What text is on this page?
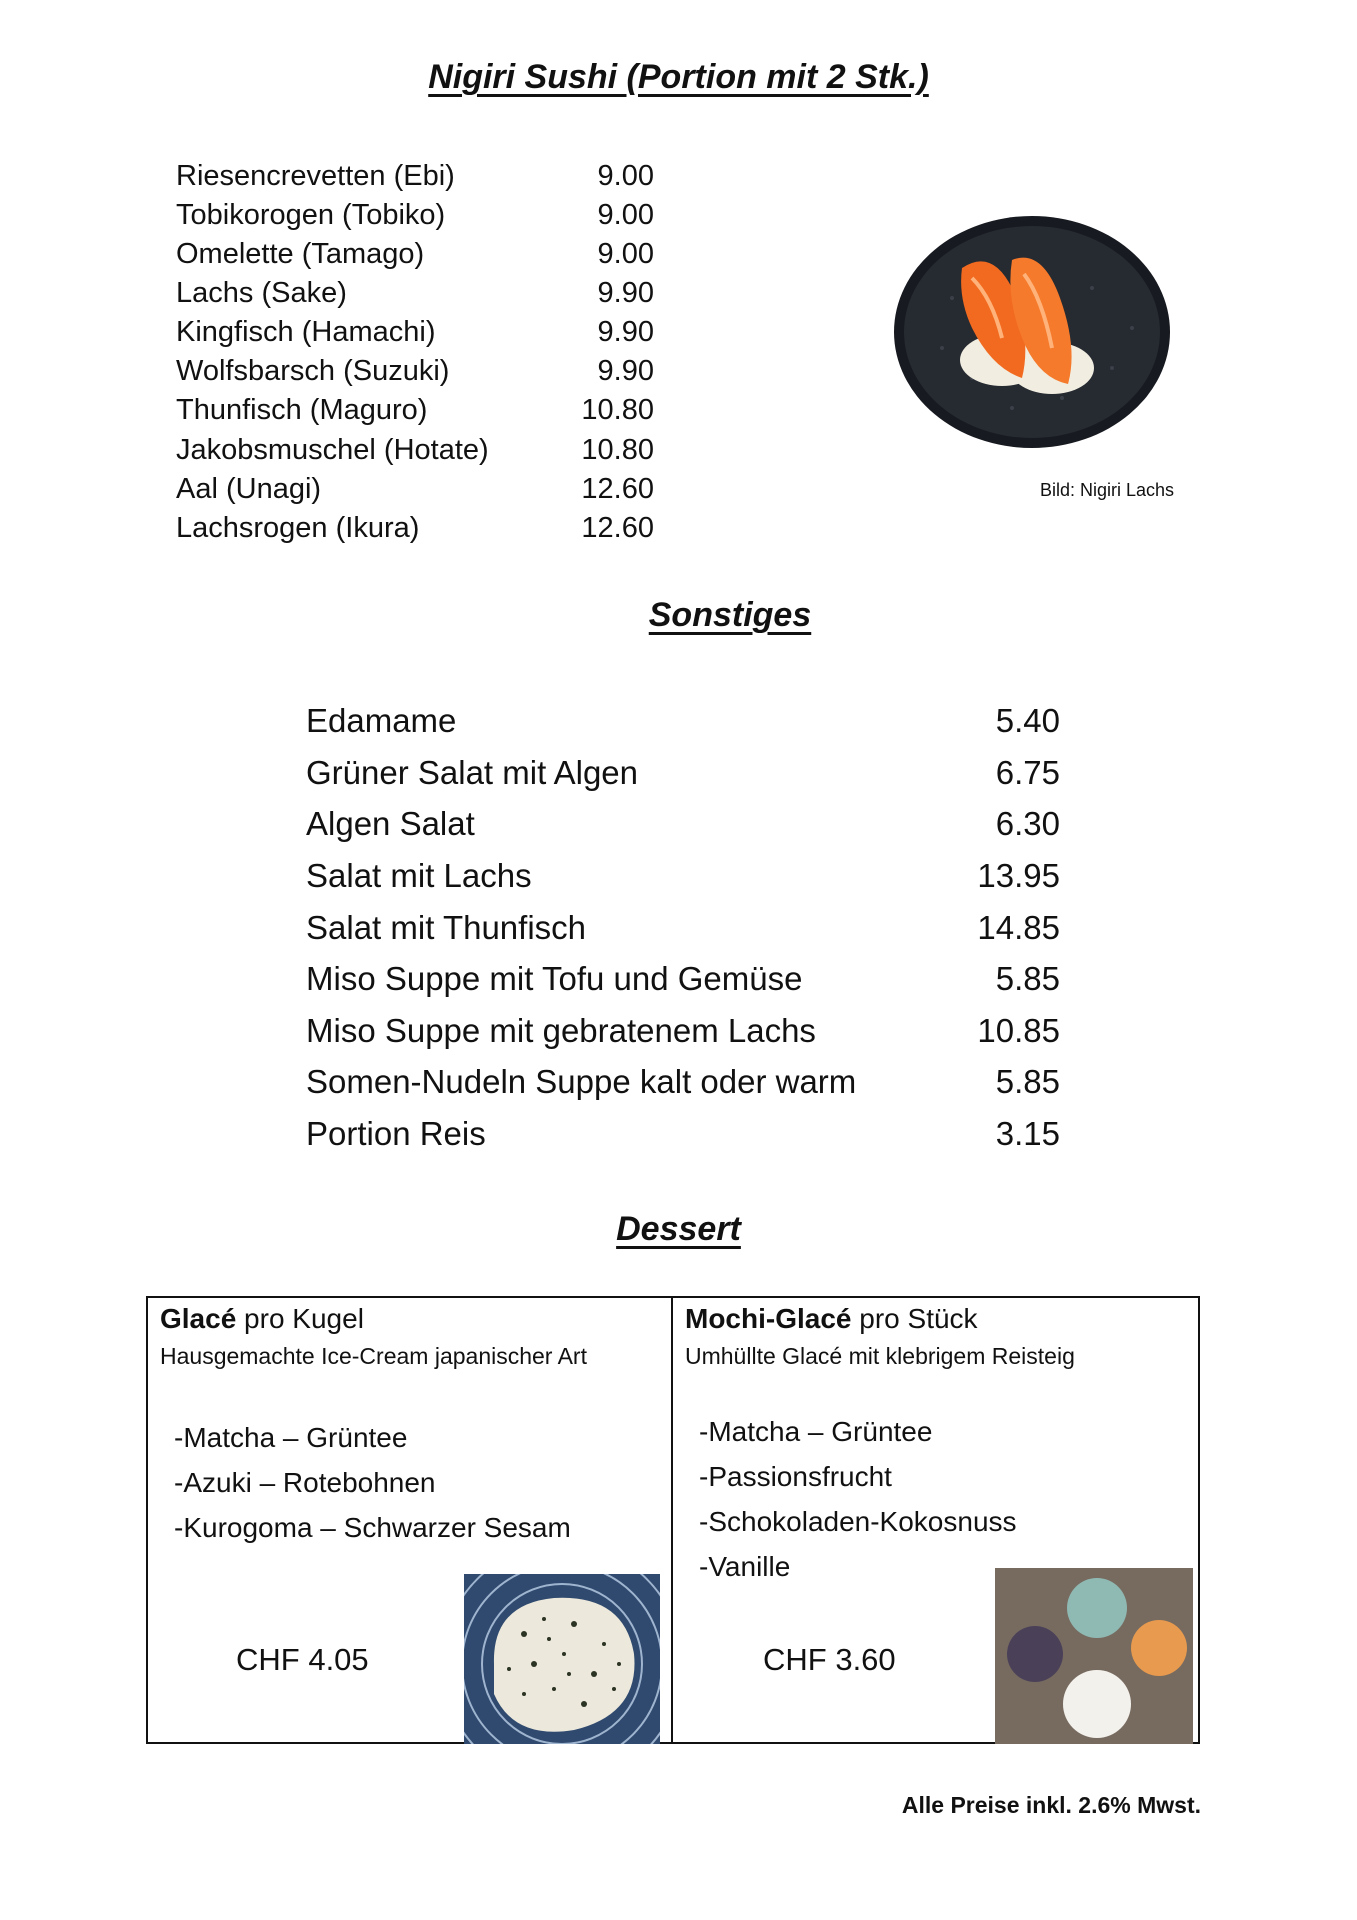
Nigiri Sushi (Portion mit 2 Stk.)
Riesencrevetten (Ebi)	9.00
Tobikorogen (Tobiko)	9.00
Omelette (Tamago)	9.00
Lachs (Sake)	9.90
Kingfisch (Hamachi)	9.90
Wolfsbarsch (Suzuki)	9.90
Thunfisch (Maguro)	10.80
Jakobsmuschel (Hotate)	10.80
Aal (Unagi)	12.60
Lachsrogen (Ikura)	12.60
Bild: Nigiri Lachs
Sonstiges
Edamame	5.40
Grüner Salat mit Algen	6.75
Algen Salat	6.30
Salat mit Lachs	13.95
Salat mit Thunfisch	14.85
Miso Suppe mit Tofu und Gemüse	5.85
Miso Suppe mit gebratenem Lachs	10.85
Somen-Nudeln Suppe kalt oder warm	5.85
Portion Reis	3.15
Dessert
Glacé pro Kugel
Hausgemachte Ice-Cream japanischer Art
-Matcha – Grüntee
-Azuki – Rotebohnen
-Kurogoma – Schwarzer Sesam
CHF 4.05
Mochi-Glacé pro Stück
Umhüllte Glacé mit klebrigem Reisteig
-Matcha – Grüntee
-Passionsfrucht
-Schokoladen-Kokosnuss
-Vanille
CHF 3.60
Alle Preise inkl. 2.6% Mwst.
